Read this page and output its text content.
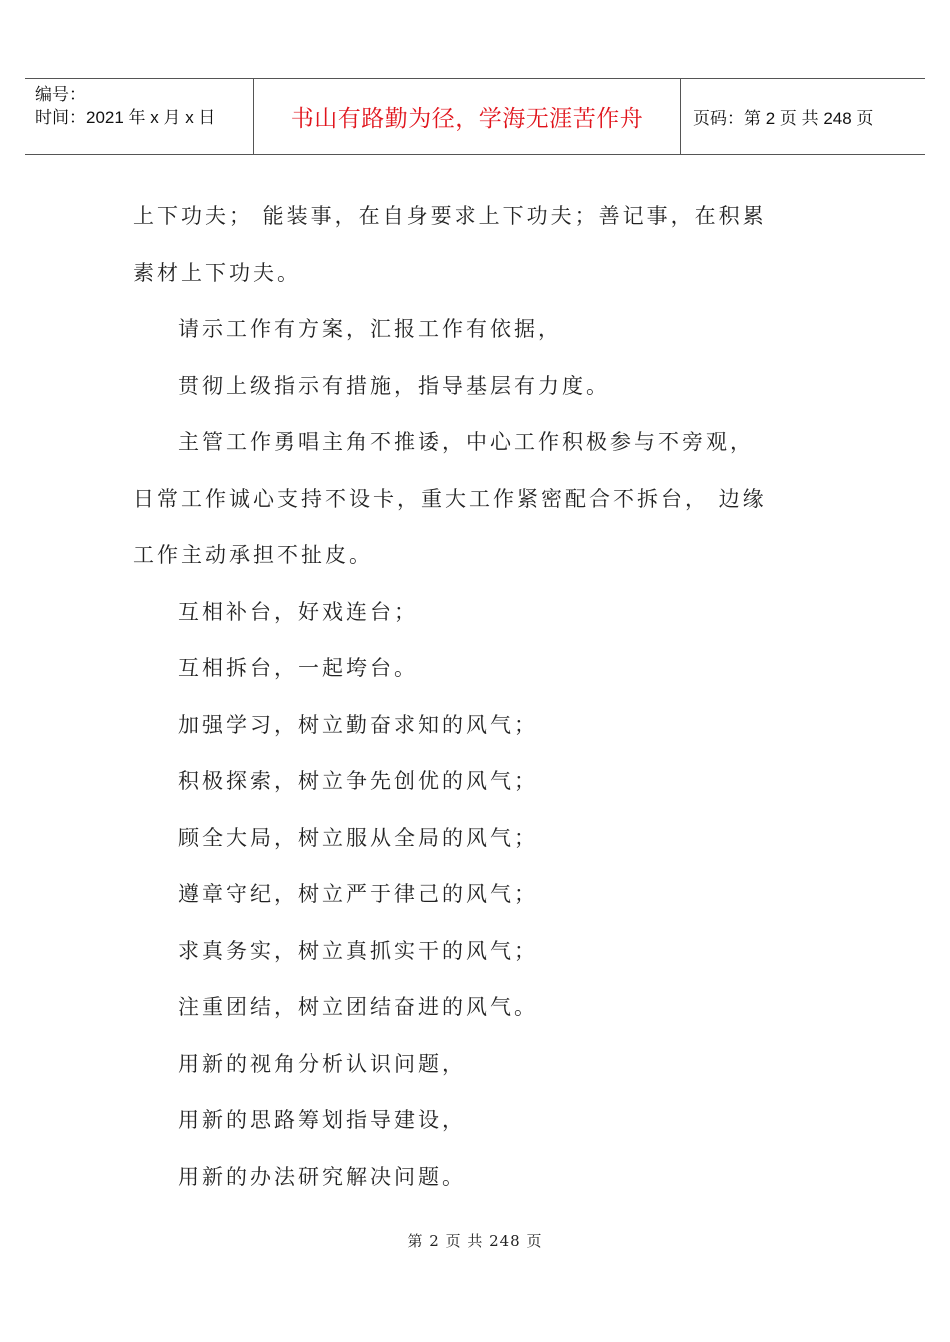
编号：
时间：2021 年 x 月 x 日	书山有路勤为径，学海无涯苦作舟	页码：第 2 页 共 248 页
上下功夫； 能装事，在自身要求上下功夫；善记事，在积累
素材上下功夫。
请示工作有方案，汇报工作有依据，
贯彻上级指示有措施，指导基层有力度。
主管工作勇唱主角不推诿，中心工作积极参与不旁观，
日常工作诚心支持不设卡，重大工作紧密配合不拆台， 边缘
工作主动承担不扯皮。
互相补台，好戏连台；
互相拆台，一起垮台。
加强学习，树立勤奋求知的风气；
积极探索，树立争先创优的风气；
顾全大局，树立服从全局的风气；
遵章守纪，树立严于律己的风气；
求真务实，树立真抓实干的风气；
注重团结，树立团结奋进的风气。
用新的视角分析认识问题，
用新的思路筹划指导建设，
用新的办法研究解决问题。
第 2 页 共 248 页
